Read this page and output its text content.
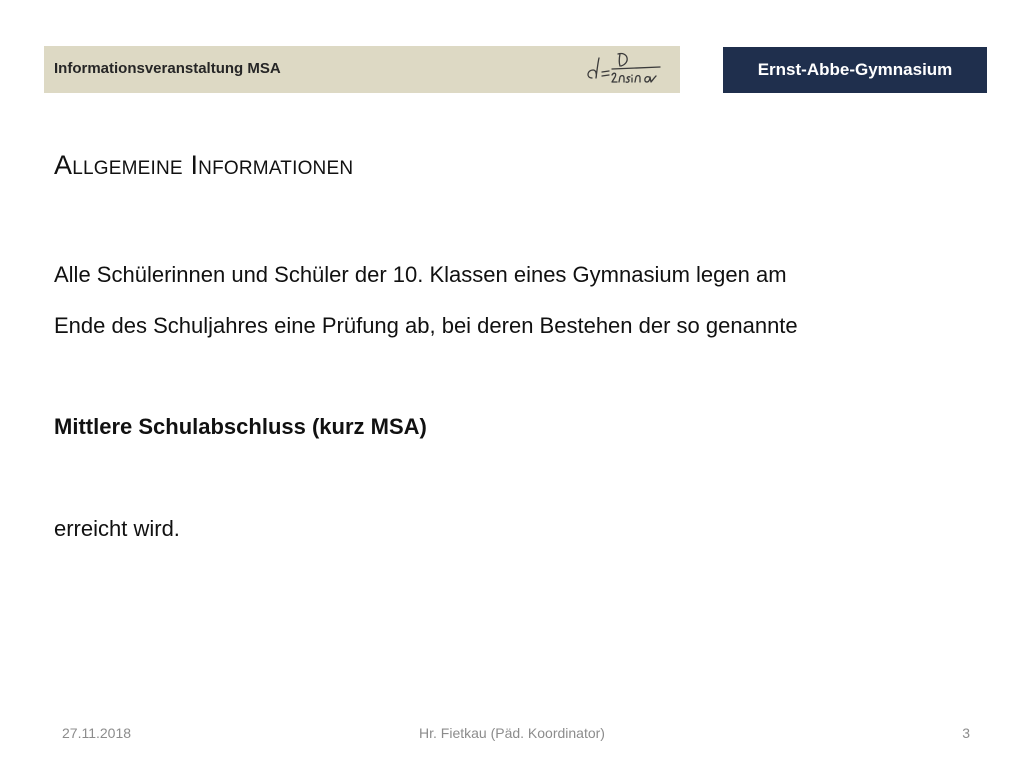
Informationsveranstaltung MSA	Ernst-Abbe-Gymnasium
Allgemeine Informationen
Alle Schülerinnen und Schüler der 10. Klassen eines Gymnasium legen am
Ende des Schuljahres eine Prüfung ab, bei deren Bestehen der so genannte
Mittlere Schulabschluss (kurz MSA)
erreicht wird.
27.11.2018	Hr. Fietkau (Päd. Koordinator)	3
